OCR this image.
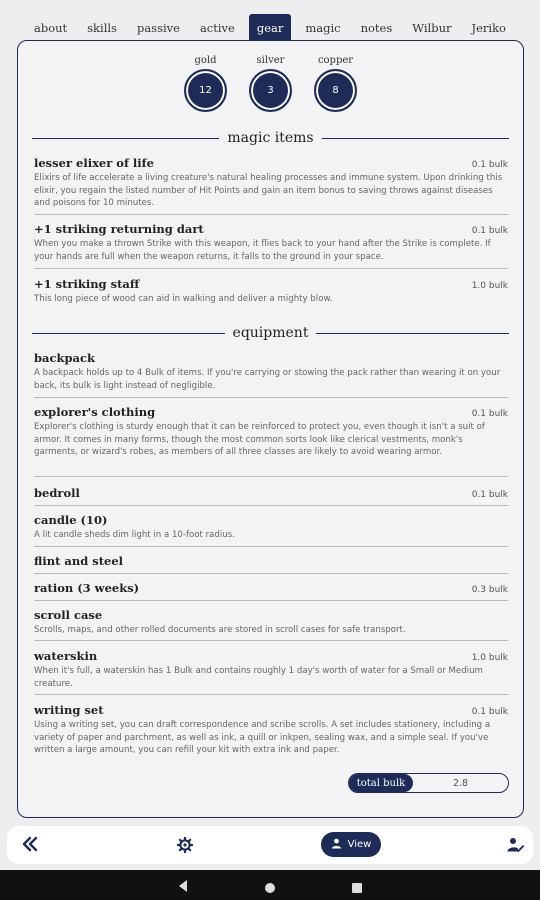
about	skills	passive	active	gear	magic	notes	Wilbur	Jeriko
gold
12
silver
3
copper
8
magic items
lesser elixer of life	0.1 bulk
Elixirs of life accelerate a living creature's natural healing processes and immune system. Upon drinking this elixir, you regain the listed number of Hit Points and gain an item bonus to saving throws against diseases and poisons for 10 minutes.
+1 striking returning dart	0.1 bulk
When you make a thrown Strike with this weapon, it flies back to your hand after the Strike is complete. If your hands are full when the weapon returns, it falls to the ground in your space.
+1 striking staff	1.0 bulk
This long piece of wood can aid in walking and deliver a mighty blow.
equipment
backpack
A backpack holds up to 4 Bulk of items. If you're carrying or stowing the pack rather than wearing it on your back, its bulk is light instead of negligible.
explorer's clothing	0.1 bulk
Explorer's clothing is sturdy enough that it can be reinforced to protect you, even though it isn't a suit of armor. It comes in many forms, though the most common sorts look like clerical vestments, monk's garments, or wizard's robes, as members of all three classes are likely to avoid wearing armor.
bedroll	0.1 bulk
candle (10)
A lit candle sheds dim light in a 10-foot radius.
flint and steel
ration (3 weeks)	0.3 bulk
scroll case
Scrolls, maps, and other rolled documents are stored in scroll cases for safe transport.
waterskin	1.0 bulk
When it's full, a waterskin has 1 Bulk and contains roughly 1 day's worth of water for a Small or Medium creature.
writing set	0.1 bulk
Using a writing set, you can draft correspondence and scribe scrolls. A set includes stationery, including a variety of paper and parchment, as well as ink, a quill or inkpen, sealing wax, and a simple seal. If you've written a large amount, you can refill your kit with extra ink and paper.
total bulk	2.8
View
